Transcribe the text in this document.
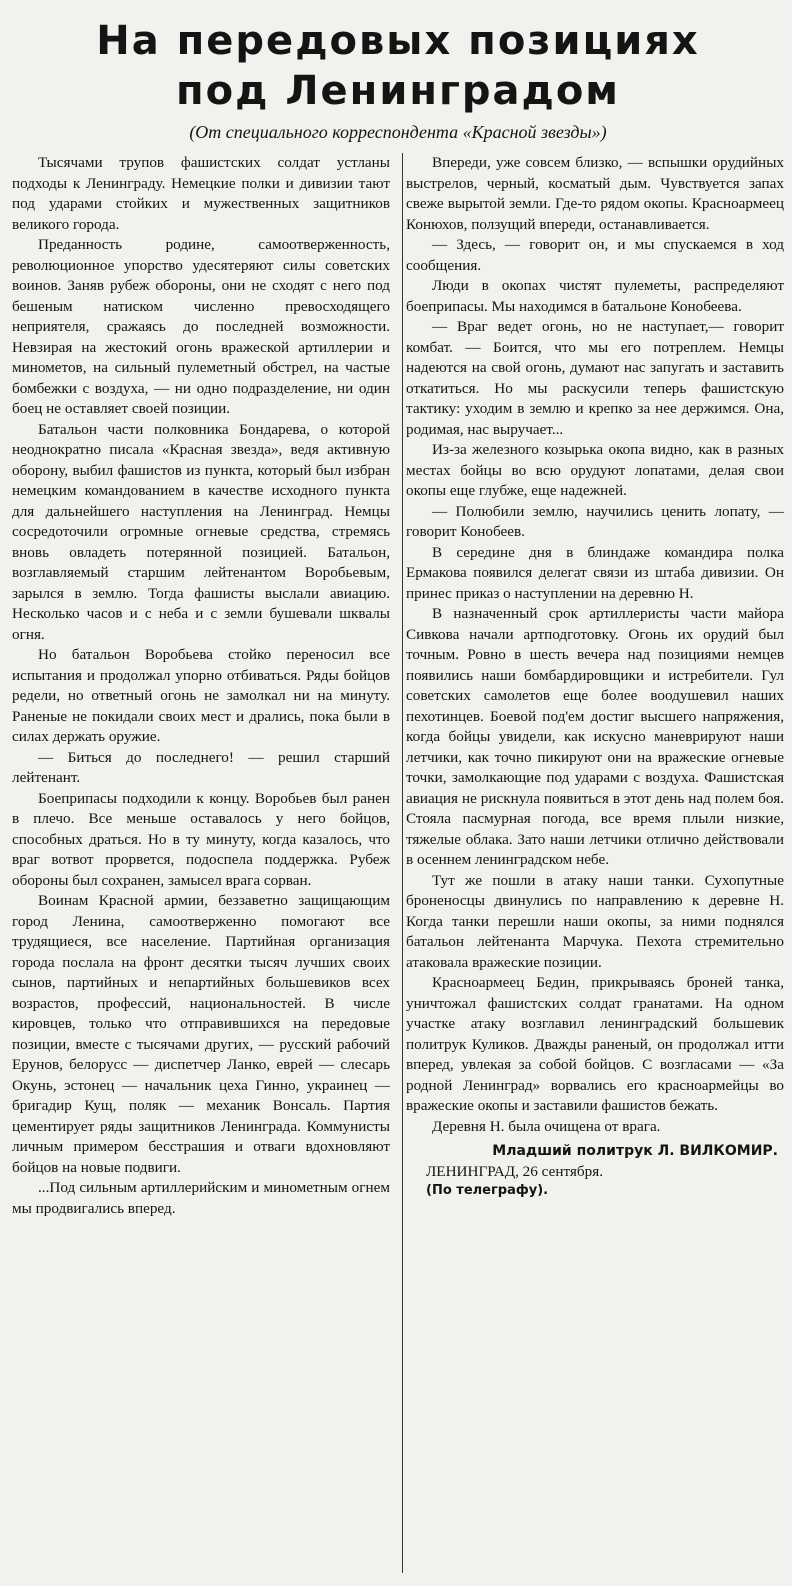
На передовых позициях
под Ленинградом
(От специального корреспондента «Красной звезды»)

Тысячами трупов фашистских солдат устланы подходы к Ленинграду. Немецкие полки и дивизии тают под ударами стойких и мужественных защитников великого города.

Преданность родине, самоотверженность, революционное упорство удесятеряют силы советских воинов. Заняв рубеж обороны, они не сходят с него под бешеным натиском численно превосходящего неприятеля, сражаясь до последней возможности. Невзирая на жестокий огонь вражеской артиллерии и минометов, на сильный пулеметный обстрел, на частые бомбежки с воздуха, — ни одно подразделение, ни один боец не оставляет своей позиции.

Батальон части полковника Бондарева, о которой неоднократно писала «Красная звезда», ведя активную оборону, выбил фашистов из пункта, который был избран немецким командованием в качестве исходного пункта для дальнейшего наступления на Ленинград. Немцы сосредоточили огромные огневые средства, стремясь вновь овладеть потерянной позицией. Батальон, возглавляемый старшим лейтенантом Воробьевым, зарылся в землю. Тогда фашисты выслали авиацию. Несколько часов и с неба и с земли бушевали шквалы огня.

Но батальон Воробьева стойко переносил все испытания и продолжал упорно отбиваться. Ряды бойцов редели, но ответный огонь не замолкал ни на минуту. Раненые не покидали своих мест и дрались, пока были в силах держать оружие.

— Биться до последнего! — решил старший лейтенант.

Боеприпасы подходили к концу. Воробьев был ранен в плечо. Все меньше оставалось у него бойцов, способных драться. Но в ту минуту, когда казалось, что враг вотвот прорвется, подоспела поддержка. Рубеж обороны был сохранен, замысел врага сорван.

Воинам Красной армии, беззаветно защищающим город Ленина, самоотверженно помогают все трудящиеся, все население. Партийная организация города послала на фронт десятки тысяч лучших своих сынов, партийных и непартийных большевиков всех возрастов, профессий, национальностей. В числе кировцев, только что отправившихся на передовые позиции, вместе с тысячами других, — русский рабочий Ерунов, белорусс — диспетчер Ланко, еврей — слесарь Окунь, эстонец — начальник цеха Гинно, украинец — бригадир Кущ, поляк — механик Вонсаль. Партия цементирует ряды защитников Ленинграда. Коммунисты личным примером бесстрашия и отваги вдохновляют бойцов на новые подвиги.

...Под сильным артиллерийским и минометным огнем мы продвигались вперед.

Впереди, уже совсем близко, — вспышки орудийных выстрелов, черный, косматый дым. Чувствуется запах свеже вырытой земли. Где-то рядом окопы. Красноармеец Конюхов, ползущий впереди, останавливается.

— Здесь, — говорит он, и мы спускаемся в ход сообщения.

Люди в окопах чистят пулеметы, распределяют боеприпасы. Мы находимся в батальоне Конобеева.

— Враг ведет огонь, но не наступает,— говорит комбат. — Боится, что мы его потреплем. Немцы надеются на свой огонь, думают нас запугать и заставить откатиться. Но мы раскусили теперь фашистскую тактику: уходим в землю и крепко за нее держимся. Она, родимая, нас выручает...

Из-за железного козырька окопа видно, как в разных местах бойцы во всю орудуют лопатами, делая свои окопы еще глубже, еще надежней.

— Полюбили землю, научились ценить лопату, — говорит Конобеев.

В середине дня в блиндаже командира полка Ермакова появился делегат связи из штаба дивизии. Он принес приказ о наступлении на деревню Н.

В назначенный срок артиллеристы части майора Сивкова начали артподготовку. Огонь их орудий был точным. Ровно в шесть вечера над позициями немцев появились наши бомбардировщики и истребители. Гул советских самолетов еще более воодушевил наших пехотинцев. Боевой под'ем достиг высшего напряжения, когда бойцы увидели, как искусно маневрируют наши летчики, как точно пикируют они на вражеские огневые точки, замолкающие под ударами с воздуха. Фашистская авиация не рискнула появиться в этот день над полем боя. Стояла пасмурная погода, все время плыли низкие, тяжелые облака. Зато наши летчики отлично действовали в осеннем ленинградском небе.

Тут же пошли в атаку наши танки. Сухопутные броненосцы двинулись по направлению к деревне Н. Когда танки перешли наши окопы, за ними поднялся батальон лейтенанта Марчука. Пехота стремительно атаковала вражеские позиции.

Красноармеец Бедин, прикрываясь броней танка, уничтожал фашистских солдат гранатами. На одном участке атаку возглавил ленинградский большевик политрук Куликов. Дважды раненый, он продолжал итти вперед, увлекая за собой бойцов. С возгласами — «За родной Ленинград» ворвались его красноармейцы во вражеские окопы и заставили фашистов бежать.

Деревня Н. была очищена от врага.

Младший политрук Л. ВИЛКОМИР.
ЛЕНИНГРАД, 26 сентября.
(По телеграфу).
